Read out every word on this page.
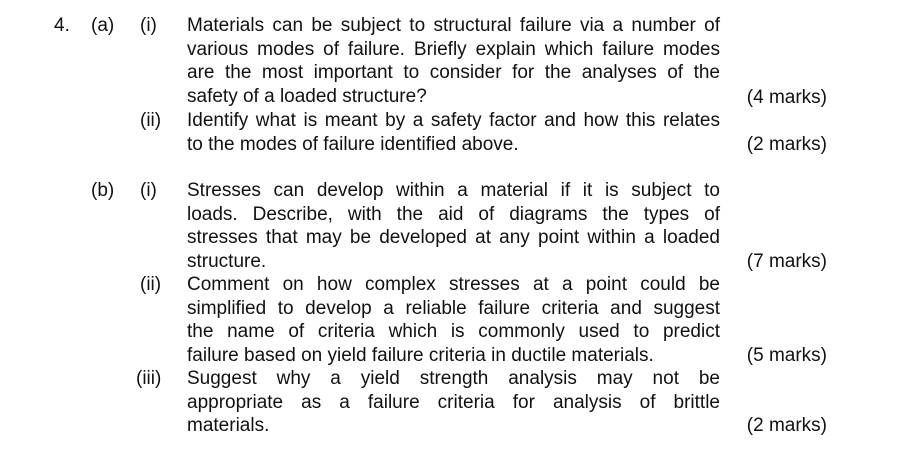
4. (a)
(b)
(i) Materials can be subject to structural failure via a number of
various modes of failure. Briefly explain which failure modes
are the most important to consider for the analyses of the
safety of a loaded structure?	(4 marks)
(ii) Identify what is meant by a safety factor and how this relates
to the modes of failure identified above.	(2 marks)
(i) Stresses can develop within a material if it is subject to
loads. Describe, with the aid of diagrams the types of
stresses that may be developed at any point within a loaded
structure.	(7 marks)
(ii) Comment on how complex stresses at a point could be
simplified to develop a reliable failure criteria and suggest
the name of criteria which is commonly used to predict
failure based on yield failure criteria in ductile materials.	(5 marks)
(iii) Suggest why a yield strength analysis may not be
appropriate as a failure criteria for analysis of brittle
materials.	(2 marks)
